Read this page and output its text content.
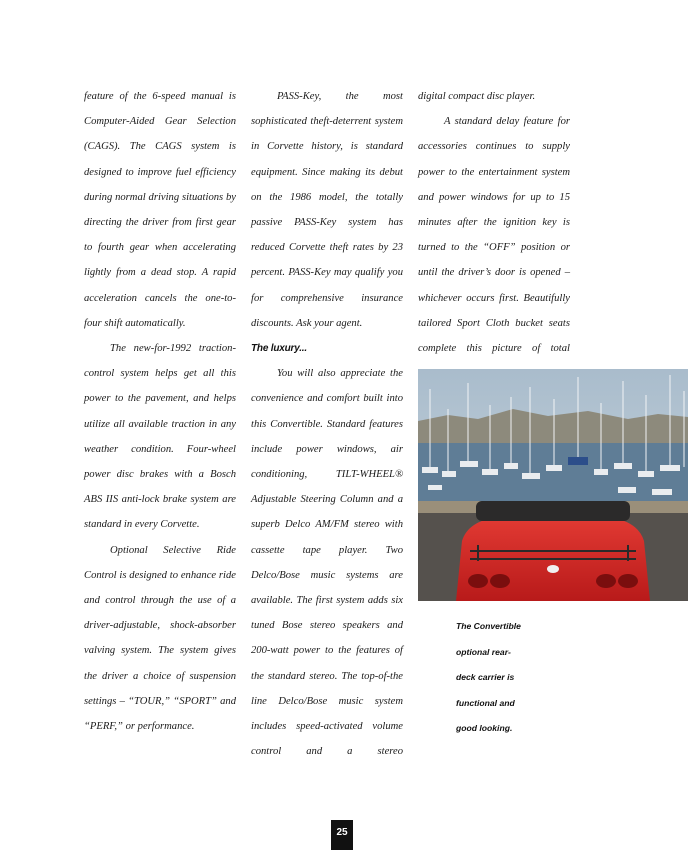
feature of the 6-speed manual is Computer-Aided Gear Selection (CAGS). The CAGS system is designed to improve fuel efficiency during normal driving situations by directing the driver from first gear to fourth gear when accelerating lightly from a dead stop. A rapid acceleration cancels the one-to-four shift automatically.

The new-for-1992 traction-control system helps get all this power to the pavement, and helps utilize all available traction in any weather condition. Four-wheel power disc brakes with a Bosch ABS IIS anti-lock brake system are standard in every Corvette.

Optional Selective Ride Control is designed to enhance ride and control through the use of a driver-adjustable, shock-absorber valving system. The system gives the driver a choice of suspension settings – “TOUR,” “SPORT” and “PERF,” or performance.

PASS-Key, the most sophisticated theft-deterrent system in Corvette history, is standard equipment. Since making its debut on the 1986 model, the totally passive PASS-Key system has reduced Corvette theft rates by 23 percent. PASS-Key may qualify you for comprehensive insurance discounts. Ask your agent.

The luxury...

You will also appreciate the convenience and comfort built into this Convertible. Standard features include power windows, air conditioning, TILT-WHEEL® Adjustable Steering Column and a superb Delco AM/FM stereo with cassette tape player. Two Delco/Bose music systems are available. The first system adds six tuned Bose stereo speakers and 200-watt power to the features of the standard stereo. The top-of-the line Delco/Bose music system includes speed-activated volume control and a stereo

digital compact disc player.

A standard delay feature for accessories continues to supply power to the entertainment system and power windows for up to 15 minutes after the ignition key is turned to the “OFF” position or until the driver’s door is opened – whichever occurs first. Beautifully tailored Sport Cloth bucket seats complete this picture of total

The Convertible

optional rear-

deck carrier is

functional and

good looking.

25
